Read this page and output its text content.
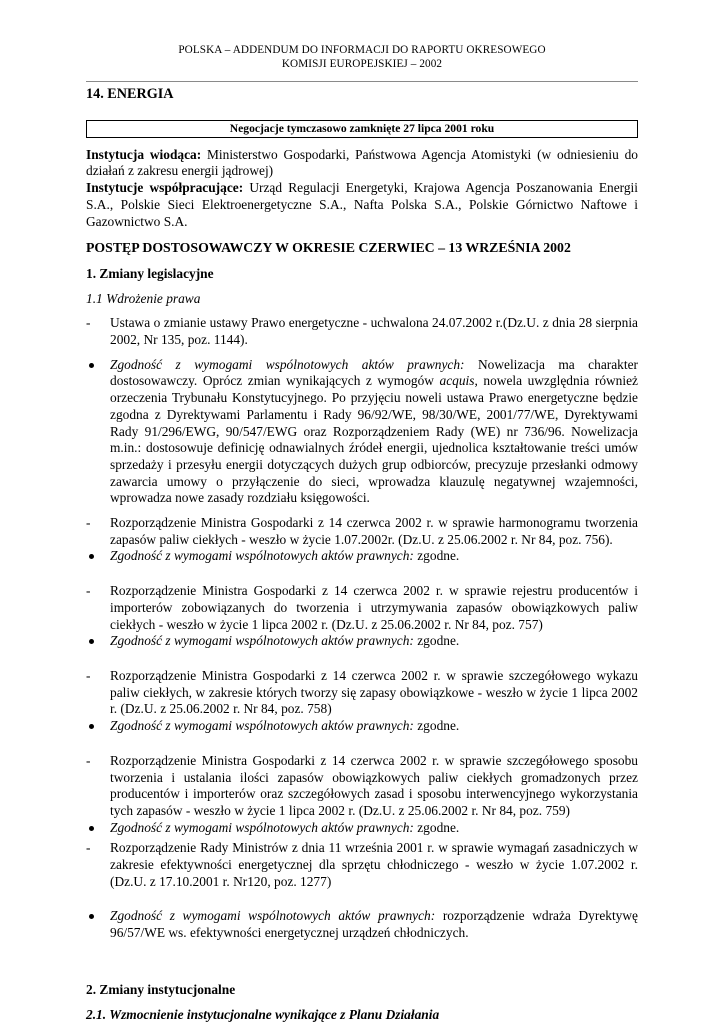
POLSKA – ADDENDUM DO INFORMACJI DO RAPORTU OKRESOWEGO
KOMISJI EUROPEJSKIEJ – 2002
14. ENERGIA
Negocjacje tymczasowo zamknięte 27 lipca 2001 roku

Instytucja wiodąca: Ministerstwo Gospodarki, Państwowa Agencja Atomistyki (w odniesieniu do działań z zakresu energii jądrowej)

Instytucje współpracujące: Urząd Regulacji Energetyki, Krajowa Agencja Poszanowania Energii S.A., Polskie Sieci Elektroenergetyczne S.A., Nafta Polska S.A., Polskie Górnictwo Naftowe i Gazownictwo S.A.

POSTĘP DOSTOSOWAWCZY W OKRESIE CZERWIEC – 13 WRZEŚNIA 2002
1. Zmiany legislacyjne
1.1 Wdrożenie prawa
-	Ustawa o zmianie ustawy Prawo energetyczne - uchwalona 24.07.2002 r.(Dz.U. z dnia 28 sierpnia 2002, Nr 135, poz. 1144).
Zgodność z wymogami wspólnotowych aktów prawnych: Nowelizacja ma charakter dostosowawczy. Oprócz zmian wynikających z wymogów acquis, nowela uwzględnia również orzeczenia Trybunału Konstytucyjnego. Po przyjęciu noweli ustawa Prawo energetyczne będzie zgodna z Dyrektywami Parlamentu i Rady 96/92/WE, 98/30/WE, 2001/77/WE, Dyrektywami Rady 91/296/EWG, 90/547/EWG oraz Rozporządzeniem Rady (WE) nr 736/96. Nowelizacja m.in.: dostosowuje definicję odnawialnych źródeł energii, ujednolica kształtowanie treści umów sprzedaży i przesyłu energii dotyczących dużych grup odbiorców, precyzuje przesłanki odmowy zawarcia umowy o przyłączenie do sieci, wprowadza klauzulę negatywnej wzajemności, wprowadza nowe zasady rozdziału księgowości.
-	Rozporządzenie Ministra Gospodarki z 14 czerwca 2002 r. w sprawie harmonogramu tworzenia zapasów paliw ciekłych - weszło w życie 1.07.2002r. (Dz.U. z 25.06.2002 r. Nr 84, poz. 756).
Zgodność z wymogami wspólnotowych aktów prawnych: zgodne.
-	Rozporządzenie Ministra Gospodarki z 14 czerwca 2002 r. w sprawie rejestru producentów i importerów zobowiązanych do tworzenia i utrzymywania zapasów obowiązkowych paliw ciekłych - weszło w życie 1 lipca 2002 r. (Dz.U. z 25.06.2002 r. Nr 84, poz. 757)
Zgodność z wymogami wspólnotowych aktów prawnych: zgodne.
-	Rozporządzenie Ministra Gospodarki z 14 czerwca 2002 r. w sprawie szczegółowego wykazu paliw ciekłych, w zakresie których tworzy się zapasy obowiązkowe - weszło w życie 1 lipca 2002 r. (Dz.U. z 25.06.2002 r. Nr 84, poz. 758)
Zgodność z wymogami wspólnotowych aktów prawnych: zgodne.
-	Rozporządzenie Ministra Gospodarki z 14 czerwca 2002 r. w sprawie szczegółowego sposobu tworzenia i ustalania ilości zapasów obowiązkowych paliw ciekłych gromadzonych przez producentów i importerów oraz szczegółowych zasad i sposobu interwencyjnego wykorzystania tych zapasów - weszło w życie 1 lipca 2002 r. (Dz.U. z 25.06.2002 r. Nr 84, poz. 759)
Zgodność z wymogami wspólnotowych aktów prawnych: zgodne.
-	Rozporządzenie Rady Ministrów z dnia 11 września 2001 r. w sprawie wymagań zasadniczych w zakresie efektywności energetycznej dla sprzętu chłodniczego - weszło w życie 1.07.2002 r. (Dz.U. z 17.10.2001 r. Nr120, poz. 1277)
Zgodność z wymogami wspólnotowych aktów prawnych: rozporządzenie wdraża Dyrektywę 96/57/WE ws. efektywności energetycznej urządzeń chłodniczych.
2. Zmiany instytucjonalne
2.1. Wzmocnienie instytucjonalne wynikające z Planu Działania
